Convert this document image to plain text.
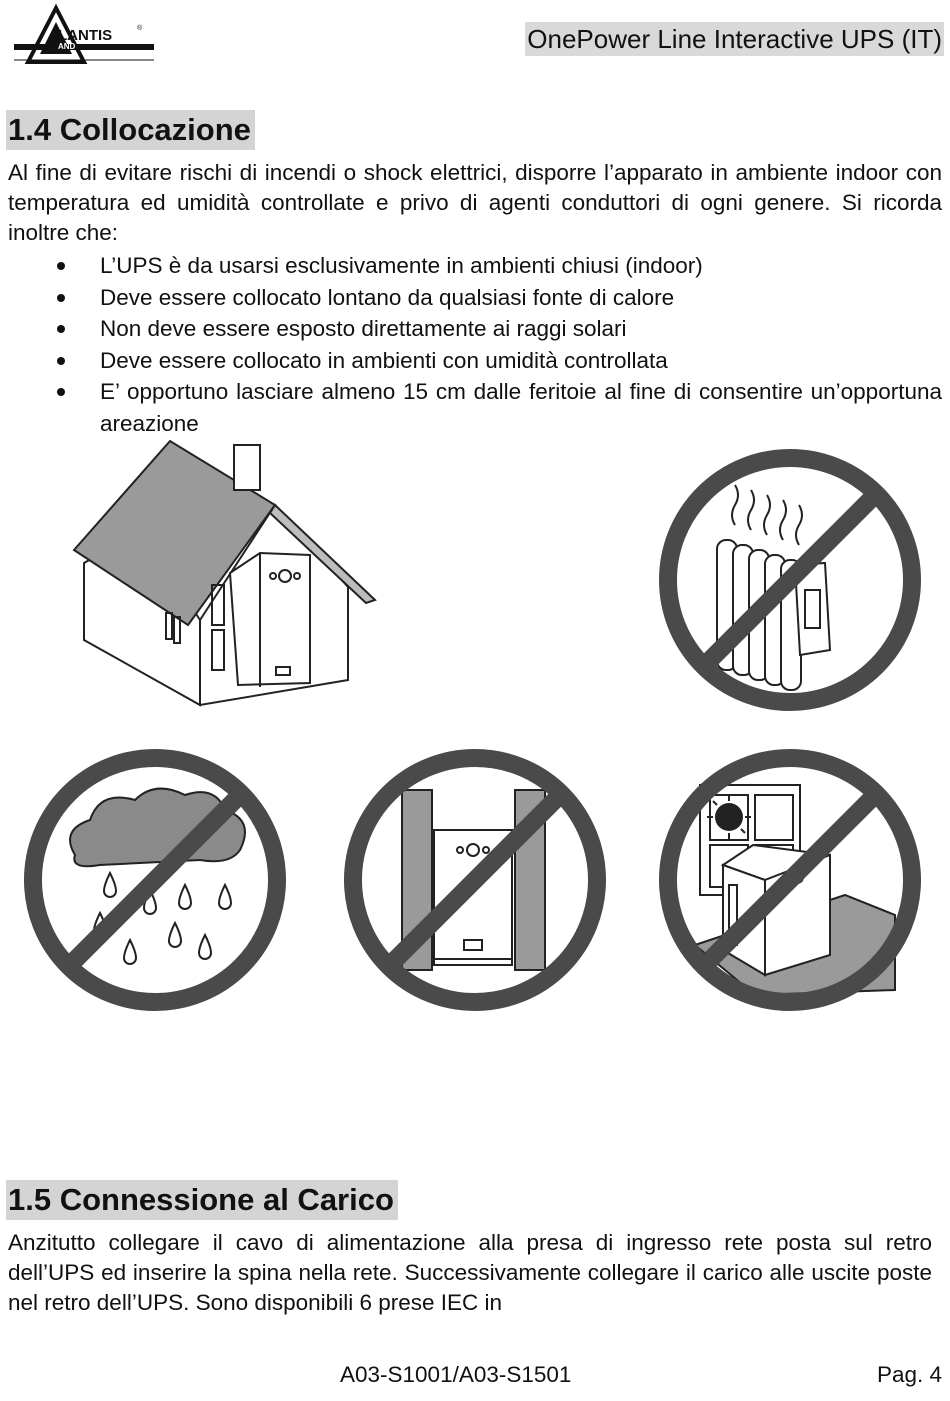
LANTIS	®
AND	OnePower Line Interactive UPS (IT)
1.4 Collocazione

Al fine di evitare rischi di incendi o shock elettrici, disporre l’apparato in ambiente indoor con temperatura ed umidità controllate e privo di agenti conduttori di ogni genere. Si ricorda inoltre che:

L’UPS è da usarsi esclusivamente in ambienti chiusi (indoor)
Deve essere collocato lontano da qualsiasi fonte di calore
Non deve essere esposto direttamente ai raggi solari
Deve essere collocato in ambienti con umidità controllata
E’ opportuno lasciare almeno 15 cm dalle feritoie al fine di consentire un’opportuna areazione
1.5 Connessione al Carico

Anzitutto collegare il cavo di alimentazione alla presa di ingresso rete posta sul retro dell’UPS ed inserire la spina nella rete. Successivamente collegare il carico alle uscite poste nel retro dell’UPS. Sono disponibili 6 prese IEC in

A03-S1001/A03-S1501	Pag. 4
